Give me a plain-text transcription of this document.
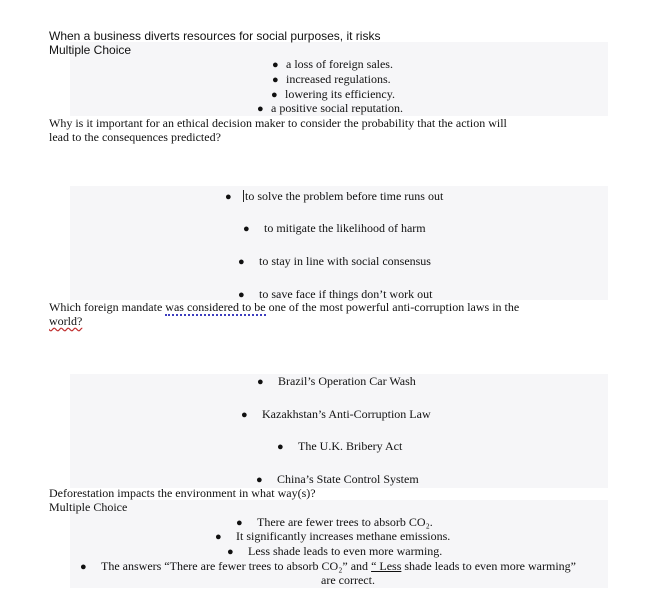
When a business diverts resources for social purposes, it risks
Multiple Choice
● a loss of foreign sales.
● increased regulations.
● lowering its efficiency.
● a positive social reputation.
Why is it important for an ethical decision maker to consider the probability that the action will
lead to the consequences predicted?
● to solve the problem before time runs out
● to mitigate the likelihood of harm
● to stay in line with social consensus
● to save face if things don’t work out
Which foreign mandate was considered to be one of the most powerful anti-corruption laws in the
world?
● Brazil’s Operation Car Wash
● Kazakhstan’s Anti-Corruption Law
● The U.K. Bribery Act
● China’s State Control System
Deforestation impacts the environment in what way(s)?
Multiple Choice
● There are fewer trees to absorb CO₂.
● It significantly increases methane emissions.
● Less shade leads to even more warming.
● The answers “There are fewer trees to absorb CO₂” and “ Less shade leads to even more warming”
are correct.
